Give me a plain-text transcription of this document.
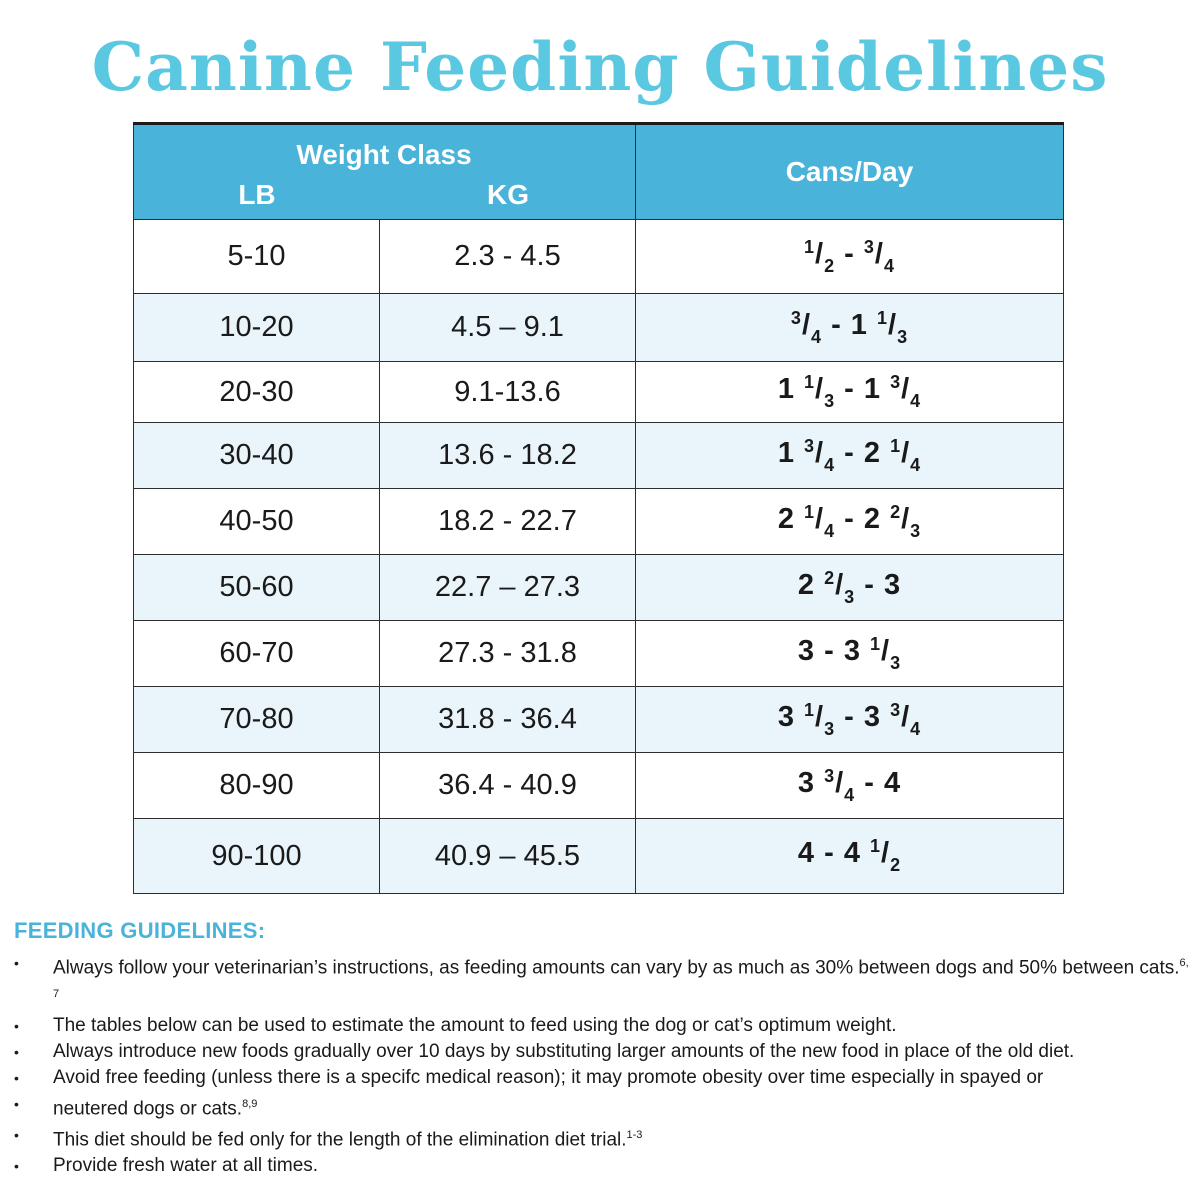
Canine Feeding Guidelines
Weight Class
LB KG		Cans/Day
5-10	2.3 - 4.5	$^1/_2 - ^3/_4$
10-20	4.5 – 9.1	$^3/_4 - 1$ $^1/_3$
20-30	9.1-13.6	1 $^1/_3 - 1$ $^3/_4$
30-40	13.6 - 18.2	1 $^3/_4 - 2$ $^1/_4$
40-50	18.2 - 22.7	2 $^1/_4 - 2$ $^2/_3$
50-60	22.7 – 27.3	2 $^2/_3 - 3$
60-70	27.3 - 31.8	3 - 3 $^1/_3$
70-80	31.8 - 36.4	3 $^1/_3 - 3$ $^3/_4$
80-90	36.4 - 40.9	3 $^3/_4 - 4$
90-100	40.9 – 45.5	4 - 4 $^1/_2$
FEEDING GUIDELINES:
• Always follow your veterinarian’s instructions, as feeding amounts can vary by as much as 30% between dogs and 50% between cats.$^{6, 7}$
• The tables below can be used to estimate the amount to feed using the dog or cat’s optimum weight.
• Always introduce new foods gradually over 10 days by substituting larger amounts of the new food in place of the old diet.
• Avoid free feeding (unless there is a specifc medical reason); it may promote obesity over time especially in spayed or
• neutered dogs or cats.$^{8,9}$
• This diet should be fed only for the length of the elimination diet trial.$^{1-3}$
• Provide fresh water at all times.
